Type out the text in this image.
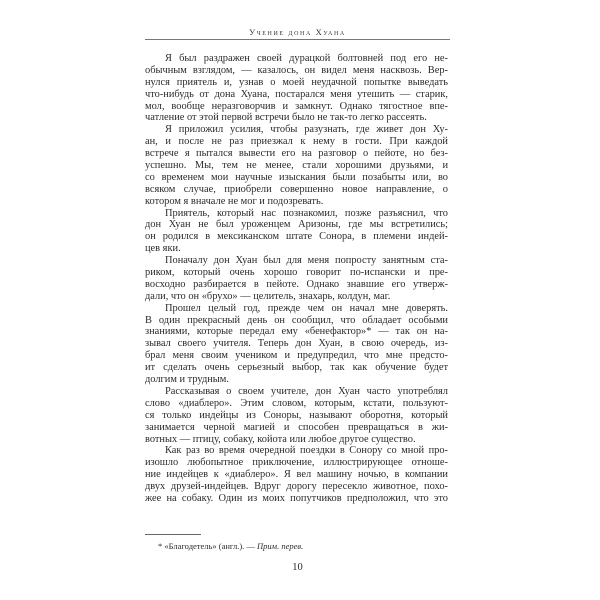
Учение дона Хуана
Я был раздражен своей дурацкой болтовней под его не-
обычным взглядом, — казалось, он видел меня насквозь. Вер-
нулся приятель и, узнав о моей неудачной попытке выведать
что-нибудь от дона Хуана, постарался меня утешить — старик,
мол, вообще неразговорчив и замкнут. Однако тягостное впе-
чатление от этой первой встречи было не так-то легко рассеять.
Я приложил усилия, чтобы разузнать, где живет дон Ху-
ан, и после не раз приезжал к нему в гости. При каждой
встрече я пытался вывести его на разговор о пейоте, но без-
успешно. Мы, тем не менее, стали хорошими друзьями, и
со временем мои научные изыскания были позабыты или, во
всяком случае, приобрели совершенно новое направление, о
котором я вначале не мог и подозревать.
Приятель, который нас познакомил, позже разъяснил, что
дон Хуан не был уроженцем Аризоны, где мы встретились;
он родился в мексиканском штате Сонора, в племени индей-
цев яки.
Поначалу дон Хуан был для меня попросту занятным ста-
риком, который очень хорошо говорит по-испански и пре-
восходно разбирается в пейоте. Однако знавшие его утверж-
дали, что он «брухо» — целитель, знахарь, колдун, маг.
Прошел целый год, прежде чем он начал мне доверять.
В один прекрасный день он сообщил, что обладает особыми
знаниями, которые передал ему «бенефактор»* — так он на-
зывал своего учителя. Теперь дон Хуан, в свою очередь, из-
брал меня своим учеником и предупредил, что мне предсто-
ит сделать очень серьезный выбор, так как обучение будет
долгим и трудным.
Рассказывая о своем учителе, дон Хуан часто употреблял
слово «диаблеро». Этим словом, которым, кстати, пользуют-
ся только индейцы из Соноры, называют оборотня, который
занимается черной магией и способен превращаться в жи-
вотных — птицу, собаку, койота или любое другое существо.
Как раз во время очередной поездки в Сонору со мной про-
изошло любопытное приключение, иллюстрирующее отноше-
ние индейцев к «диаблеро». Я вел машину ночью, в компании
двух друзей-индейцев. Вдруг дорогу пересекло животное, похо-
жее на собаку. Один из моих попутчиков предположил, что это
* «Благодетель» (англ.). — Прим. перев.
10
